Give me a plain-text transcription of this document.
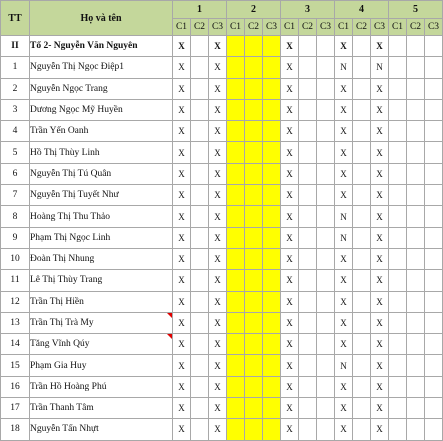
TT	Họ và tên	1			2			3			4			5		
		C1	C2	C3	C1	C2	C3	C1	C2	C3	C1	C2	C3	C1	C2	C3
II	Tổ 2- Nguyễn Văn Nguyên	X		X				X			X		X			
1	Nguyễn Thị Ngọc Điệp1	X		X				X			N		N			
2	Nguyễn Ngọc Trang	X		X				X			X		X			
3	Dương Ngọc Mỹ Huyền	X		X				X			X		X			
4	Trần Yến Oanh	X		X				X			X		X			
5	Hồ Thị Thùy Linh	X		X				X			X		X			
6	Nguyễn Thị Tú Quân	X		X				X			X		X			
7	Nguyễn Thị Tuyết Như	X		X				X			X		X			
8	Hoàng Thị Thu Thảo	X		X				X			N		X			
9	Phạm Thị Ngọc Linh	X		X				X			N		X			
10	Đoàn Thị Nhung	X		X				X			X		X			
11	Lê Thị Thùy Trang	X		X				X			X		X			
12	Trần Thị Hiền	X		X				X			X		X			
13	Trần Thị Trà My	X		X				X			X		X			
14	Tăng Vĩnh Qúy	X		X				X			X		X			
15	Phạm Gia Huy	X		X				X			N		X			
16	Trần Hồ Hoàng Phú	X		X				X			X		X			
17	Trần Thanh Tâm	X		X				X			X		X			
18	Nguyễn Tấn Nhựt	X		X				X			X		X			
